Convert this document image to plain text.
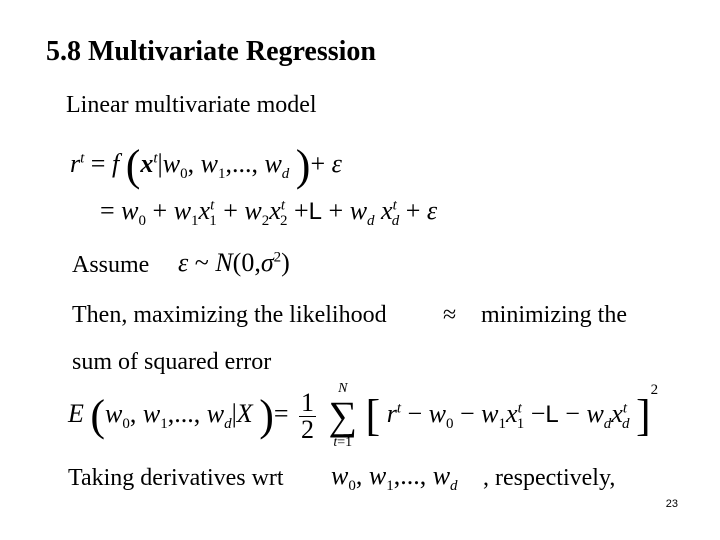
5.8 Multivariate Regression
Linear multivariate model
$r^t = f$ ($x^t|w_0$, $w_1$,..., $w_d$ )+ ε
= $w_0 + w_1x^t_1 + w_2x^t_2 +L + w_d$ $x^t_d + \varepsilon$
Assume ε ~ $N(0,\sigma^2)$
Then, maximizing the likelihood ≈ minimizing the
sum of squared error
E ($w_0$, $w_1$,..., $w_d|X$ )= $\frac{1}{2}$
N
∑
t=1 [ $r^t - w_0 - w_1x^t_1 -L - w_dx^t_d$ ]$^2$
Taking derivatives wrt $w_0$, $w_1$,..., $w_d$ , respectively,
23
